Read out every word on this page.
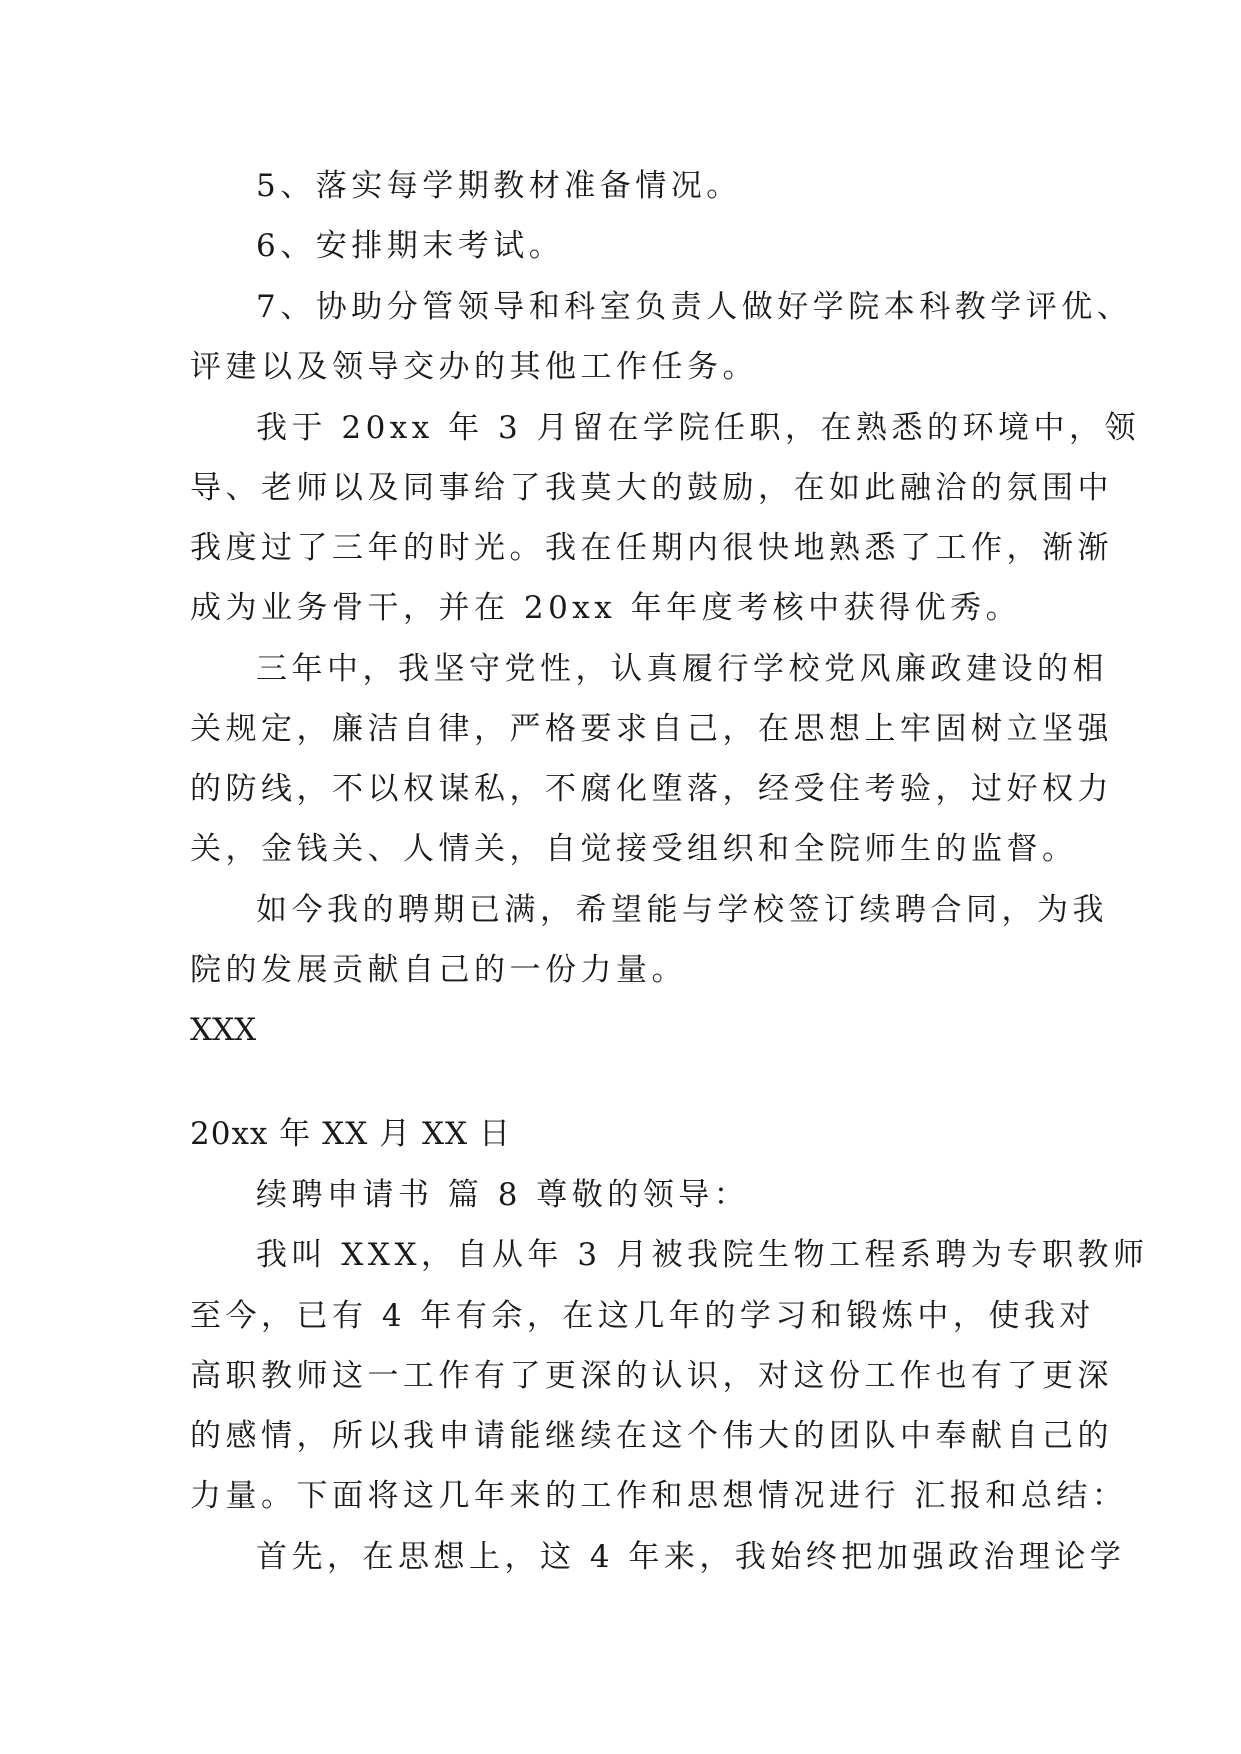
5、落实每学期教材准备情况。
6、安排期末考试。
7、协助分管领导和科室负责人做好学院本科教学评优、
评建以及领导交办的其他工作任务。
我于 20xx 年 3 月留在学院任职，在熟悉的环境中，领
导、老师以及同事给了我莫大的鼓励，在如此融洽的氛围中
我度过了三年的时光。我在任期内很快地熟悉了工作，渐渐
成为业务骨干，并在 20xx 年年度考核中获得优秀。
三年中，我坚守党性，认真履行学校党风廉政建设的相
关规定，廉洁自律，严格要求自己，在思想上牢固树立坚强
的防线，不以权谋私，不腐化堕落，经受住考验，过好权力
关，金钱关、人情关，自觉接受组织和全院师生的监督。
如今我的聘期已满，希望能与学校签订续聘合同，为我
院的发展贡献自己的一份力量。
XXX
20xx 年 XX 月 XX 日
续聘申请书 篇 8 尊敬的领导：
我叫 XXX，自从年 3 月被我院生物工程系聘为专职教师
至今，已有 4 年有余，在这几年的学习和锻炼中，使我对
高职教师这一工作有了更深的认识，对这份工作也有了更深
的感情，所以我申请能继续在这个伟大的团队中奉献自己的
力量。下面将这几年来的工作和思想情况进行 汇报和总结：
首先，在思想上，这 4 年来，我始终把加强政治理论学
